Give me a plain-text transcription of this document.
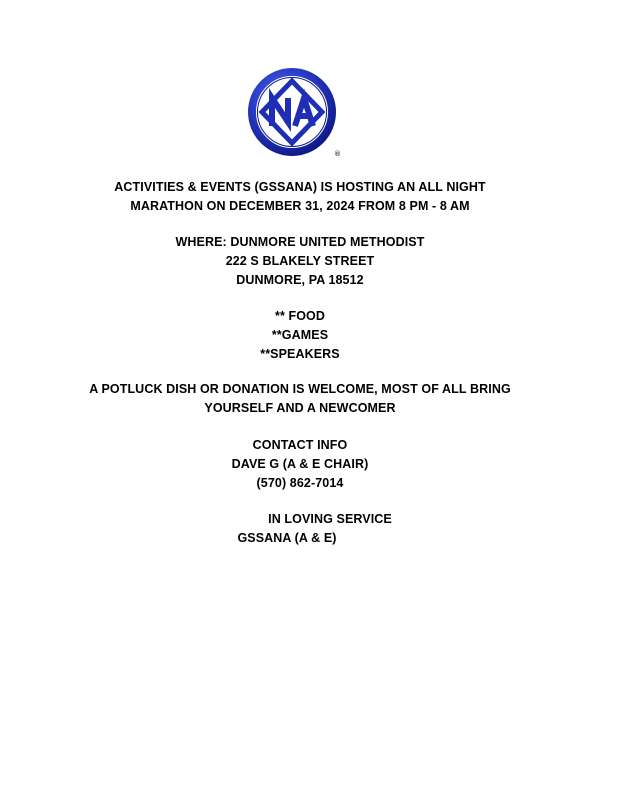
®
ACTIVITIES & EVENTS (GSSANA) IS HOSTING AN ALL NIGHT
MARATHON ON DECEMBER 31, 2024 FROM 8 PM - 8 AM
WHERE: DUNMORE UNITED METHODIST
222 S BLAKELY STREET
DUNMORE, PA 18512
** FOOD
**GAMES
**SPEAKERS
A POTLUCK DISH OR DONATION IS WELCOME, MOST OF ALL BRING
YOURSELF AND A NEWCOMER
CONTACT INFO
DAVE G (A & E CHAIR)
(570) 862-7014
IN LOVING SERVICE
GSSANA (A & E)
